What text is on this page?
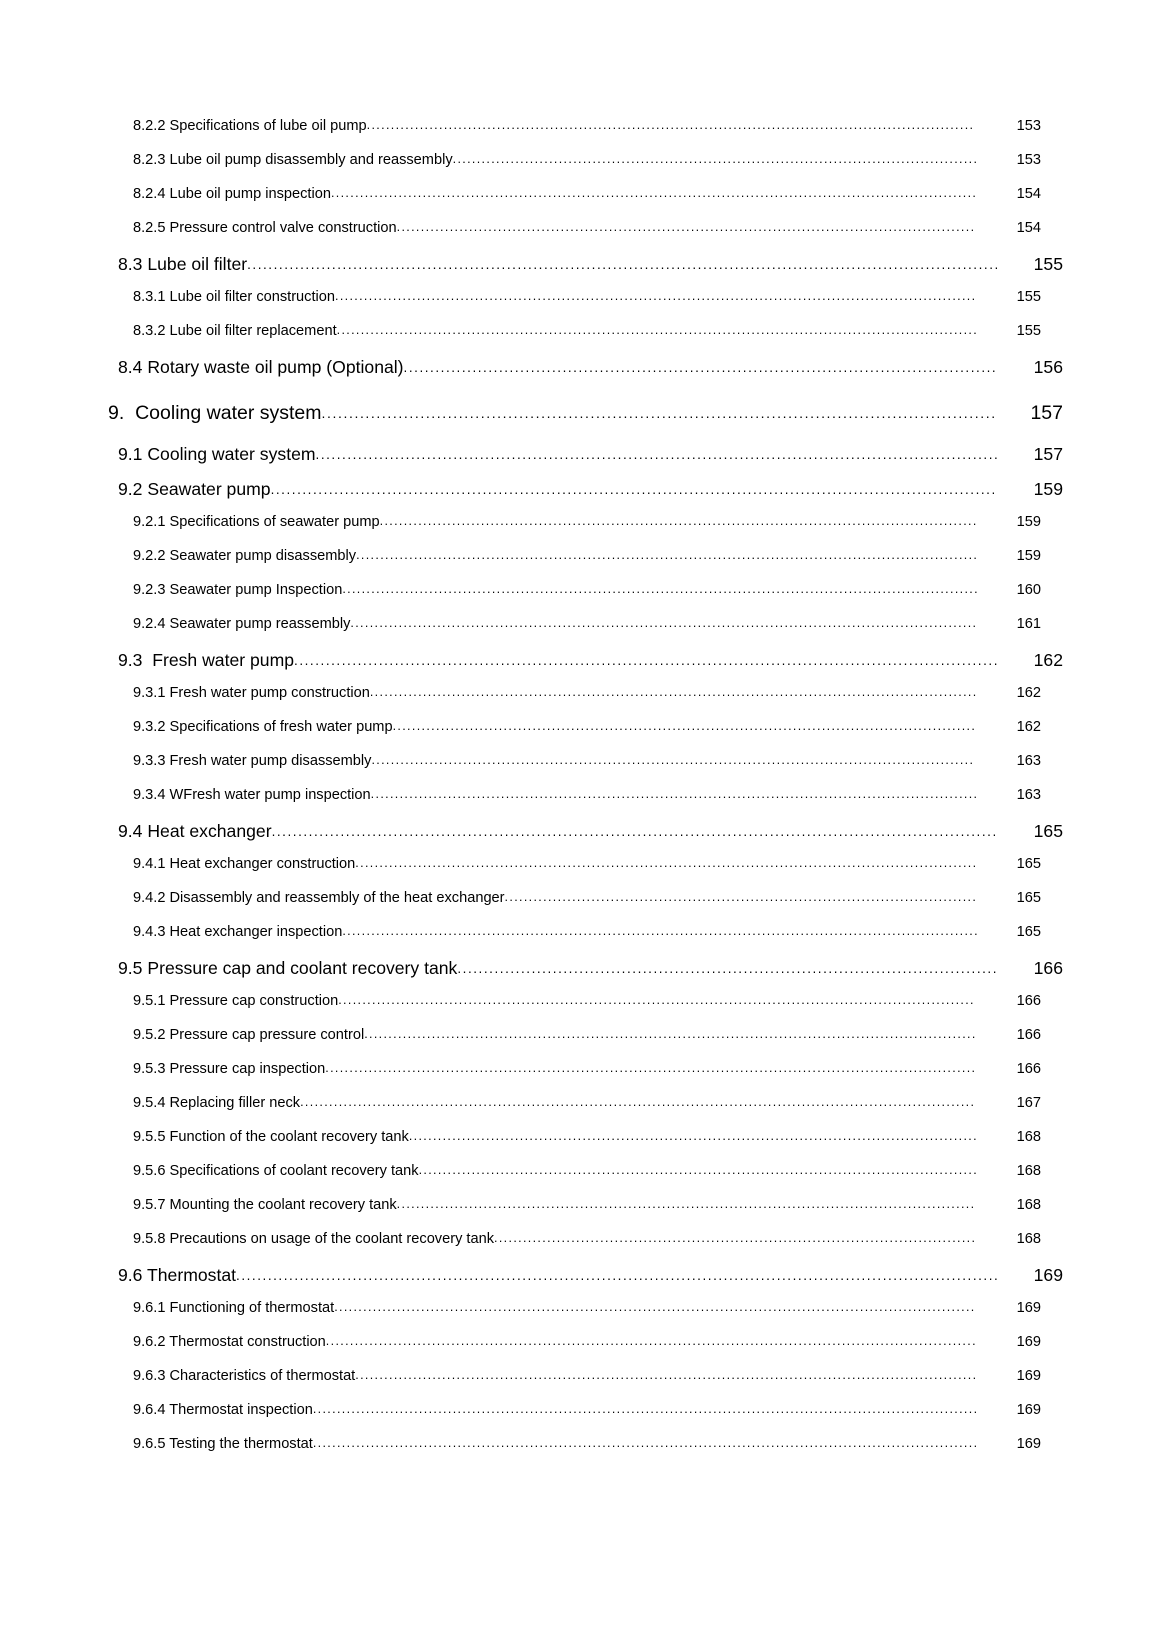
8.2.2 Specifications of lube oil pump ..............................................................................................................................	153
8.2.3 Lube oil pump disassembly and reassembly .............................................................................................................	153
8.2.4 Lube oil pump inspection ......................................................................................................................................	154
8.2.5 Pressure control valve construction ........................................................................................................................	154
8.3 Lube oil filter ..............................................................................................................................................	155
8.3.1 Lube oil filter construction .....................................................................................................................................	155
8.3.2 Lube oil filter replacement .....................................................................................................................................	155
8.4 Rotary waste oil pump (Optional) ................................................................................................................	156
9.  Cooling water system ...........................................................................................................................	157
9.1 Cooling water system .................................................................................................................................	157
9.2 Seawater pump .........................................................................................................................................	159
9.2.1 Specifications of seawater pump ............................................................................................................................	159
9.2.2 Seawater pump disassembly .................................................................................................................................	159
9.2.3 Seawater pump Inspection ....................................................................................................................................	160
9.2.4 Seawater pump reassembly ..................................................................................................................................	161
9.3  Fresh water pump .....................................................................................................................................	162
9.3.1 Fresh water pump construction ..............................................................................................................................	162
9.3.2 Specifications of fresh water pump .........................................................................................................................	162
9.3.3 Fresh water pump disassembly .............................................................................................................................	163
9.3.4 WFresh water pump inspection ..............................................................................................................................	163
9.4 Heat exchanger .........................................................................................................................................	165
9.4.1 Heat exchanger construction .................................................................................................................................	165
9.4.2 Disassembly and reassembly of the heat exchanger ..................................................................................................	165
9.4.3 Heat exchanger inspection ....................................................................................................................................	165
9.5 Pressure cap and coolant recovery tank ......................................................................................................	166
9.5.1 Pressure cap construction ....................................................................................................................................	166
9.5.2 Pressure cap pressure control ...............................................................................................................................	166
9.5.3 Pressure cap inspection .......................................................................................................................................	166
9.5.4 Replacing filler neck ............................................................................................................................................	167
9.5.5 Function of the coolant recovery tank ......................................................................................................................	168
9.5.6 Specifications of coolant recovery tank ....................................................................................................................	168
9.5.7 Mounting the coolant recovery tank ........................................................................................................................	168
9.5.8 Precautions on usage of the coolant recovery tank ....................................................................................................	168
9.6 Thermostat ................................................................................................................................................	169
9.6.1 Functioning of thermostat .....................................................................................................................................	169
9.6.2 Thermostat construction .......................................................................................................................................	169
9.6.3 Characteristics of thermostat .................................................................................................................................	169
9.6.4 Thermostat inspection ..........................................................................................................................................	169
9.6.5 Testing the thermostat ..........................................................................................................................................	169
